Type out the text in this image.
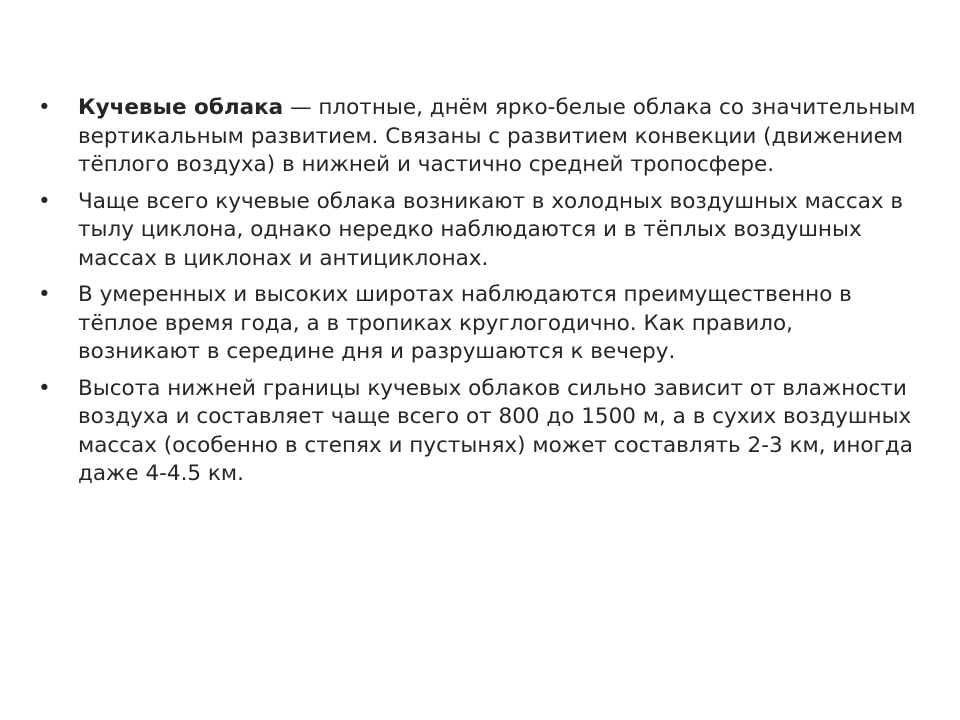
•	Кучевые облака — плотные, днём ярко-белые облака со значительным вертикальным развитием. Связаны с развитием конвекции (движением тёплого воздуха) в нижней и частично средней тропосфере.
•	Чаще всего кучевые облака возникают в холодных воздушных массах в тылу циклона, однако нередко наблюдаются и в тёплых воздушных массах в циклонах и антициклонах.
•	В умеренных и высоких широтах наблюдаются преимущественно в тёплое время года, а в тропиках круглогодично. Как правило, возникают в середине дня и разрушаются к вечеру.
•	Высота нижней границы кучевых облаков сильно зависит от влажности воздуха и составляет чаще всего от 800 до 1500 м, а в сухих воздушных массах (особенно в степях и пустынях) может составлять 2-3 км, иногда даже 4-4.5 км.
